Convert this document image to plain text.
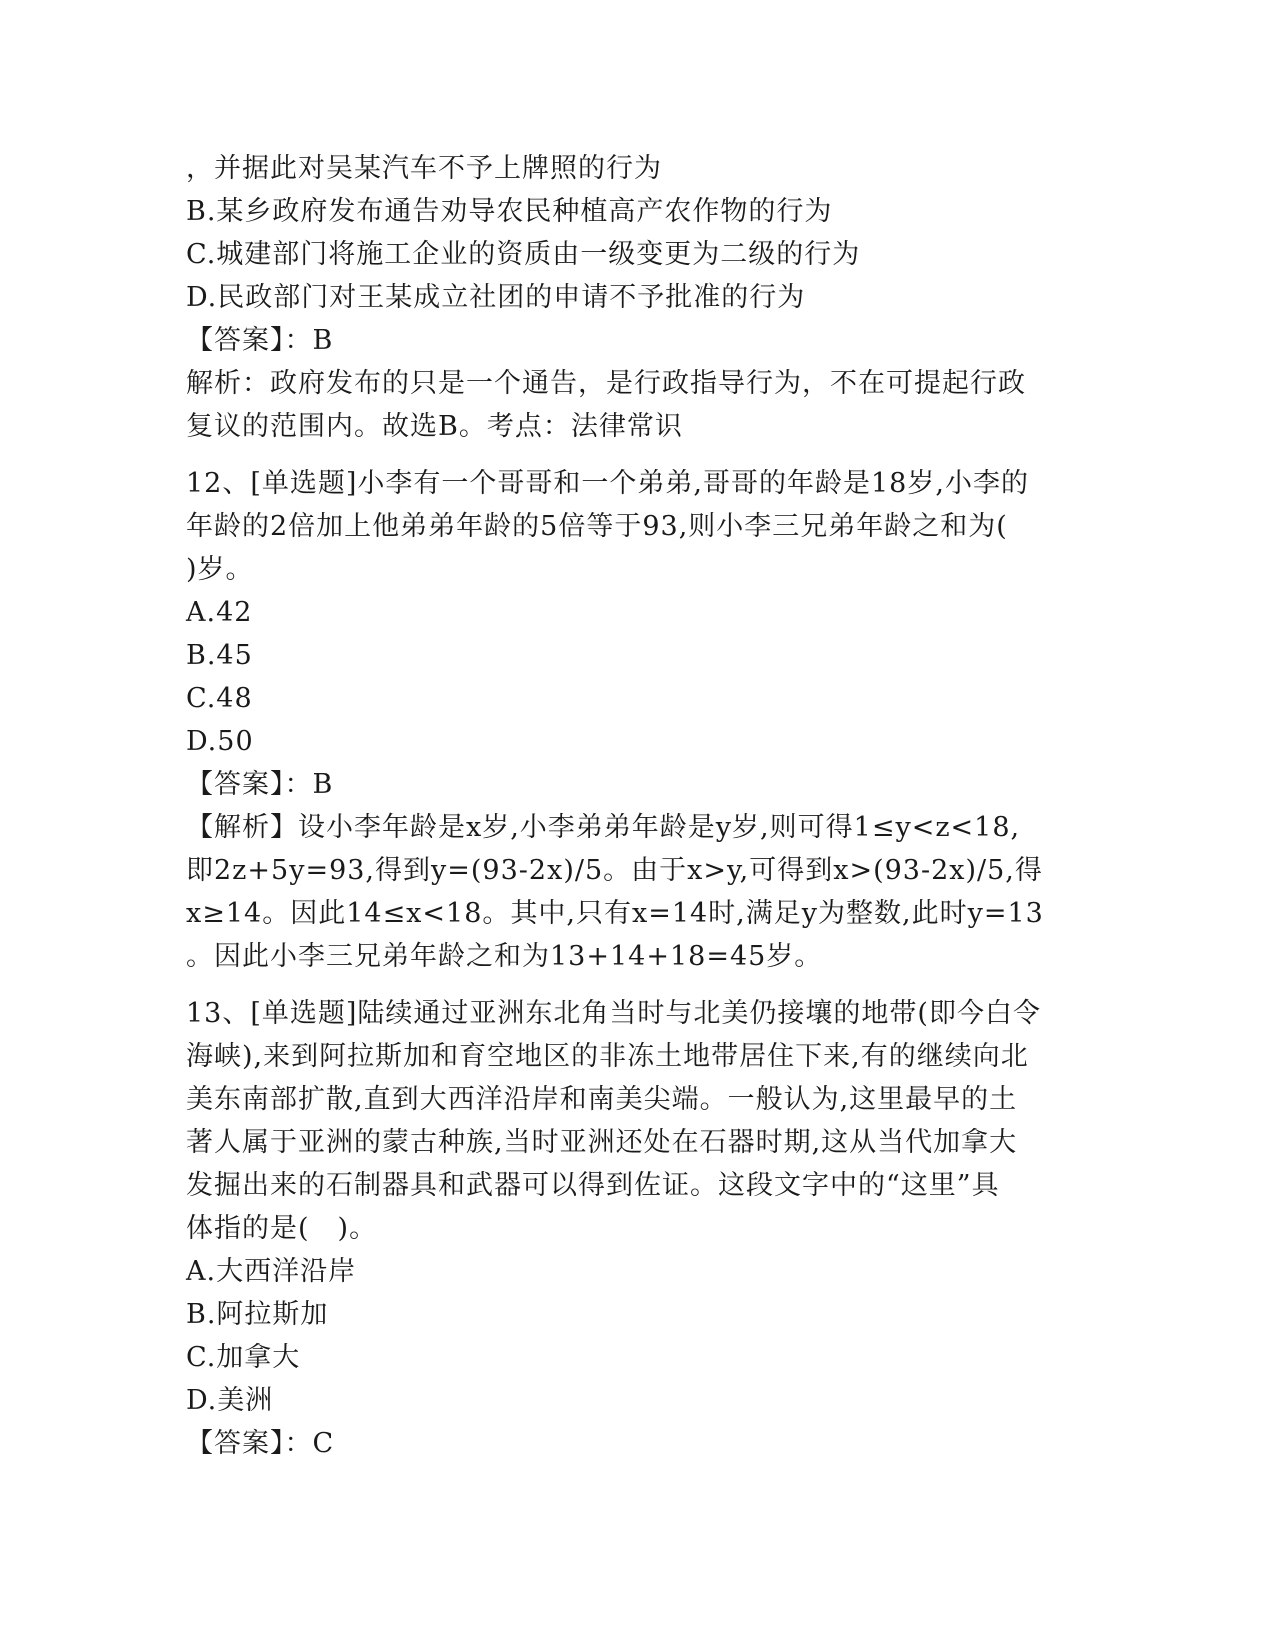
，并据此对吴某汽车不予上牌照的行为
B.某乡政府发布通告劝导农民种植高产农作物的行为
C.城建部门将施工企业的资质由一级变更为二级的行为
D.民政部门对王某成立社团的申请不予批准的行为
【答案】：B
解析：政府发布的只是一个通告，是行政指导行为，不在可提起行政
复议的范围内。故选B。考点：法律常识
12、[单选题]小李有一个哥哥和一个弟弟,哥哥的年龄是18岁,小李的
年龄的2倍加上他弟弟年龄的5倍等于93,则小李三兄弟年龄之和为(
)岁。
A.42
B.45
C.48
D.50
【答案】：B
【解析】设小李年龄是x岁,小李弟弟年龄是y岁,则可得1≤y<z<18,
即2z+5y=93,得到y=(93-2x)/5。由于x>y,可得到x>(93-2x)/5,得
x≥14。因此14≤x<18。其中,只有x=14时,满足y为整数,此时y=13
。因此小李三兄弟年龄之和为13+14+18=45岁。
13、[单选题]陆续通过亚洲东北角当时与北美仍接壤的地带(即今白令
海峡),来到阿拉斯加和育空地区的非冻土地带居住下来,有的继续向北
美东南部扩散,直到大西洋沿岸和南美尖端。一般认为,这里最早的土
著人属于亚洲的蒙古种族,当时亚洲还处在石器时期,这从当代加拿大
发掘出来的石制器具和武器可以得到佐证。这段文字中的“这里”具
体指的是(　)。
A.大西洋沿岸
B.阿拉斯加
C.加拿大
D.美洲
【答案】：C
